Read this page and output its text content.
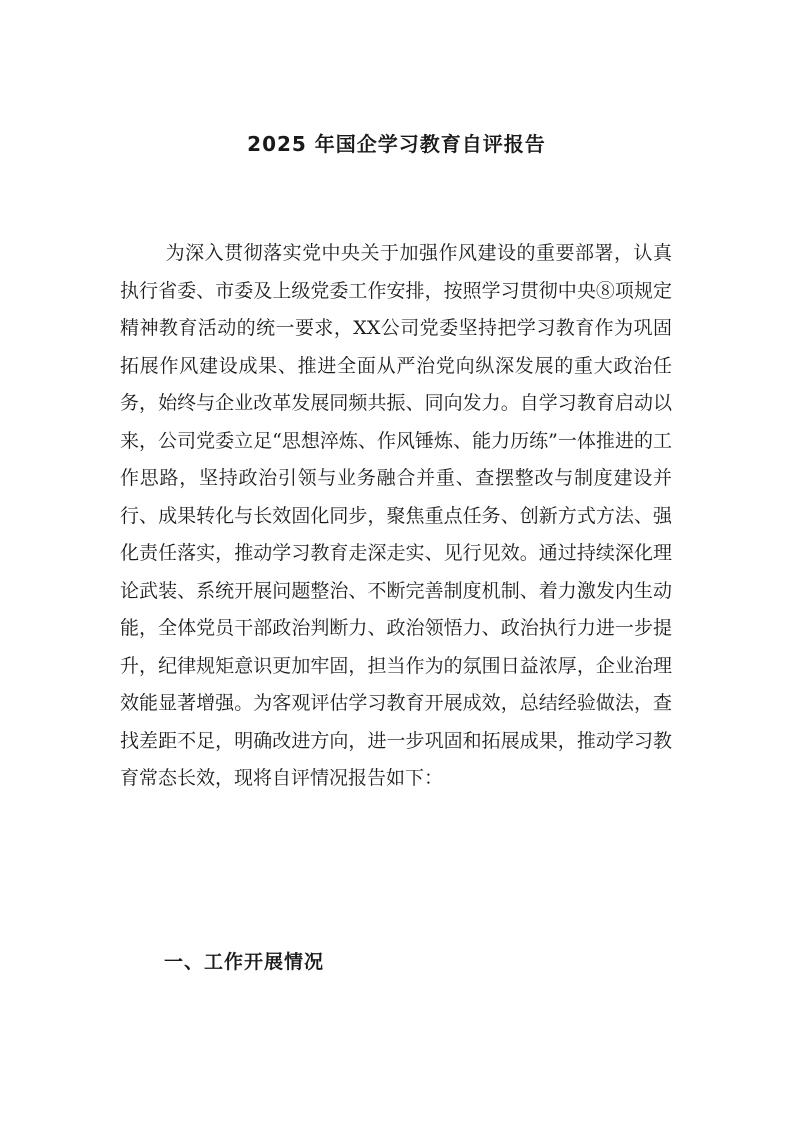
2025 年国企学习教育自评报告

为深入贯彻落实党中央关于加强作风建设的重要部署，认真执行省委、市委及上级党委工作安排，按照学习贯彻中央⑧项规定精神教育活动的统一要求，XX公司党委坚持把学习教育作为巩固拓展作风建设成果、推进全面从严治党向纵深发展的重大政治任务，始终与企业改革发展同频共振、同向发力。自学习教育启动以来，公司党委立足“思想淬炼、作风锤炼、能力历练”一体推进的工作思路，坚持政治引领与业务融合并重、查摆整改与制度建设并行、成果转化与长效固化同步，聚焦重点任务、创新方式方法、强化责任落实，推动学习教育走深走实、见行见效。通过持续深化理论武装、系统开展问题整治、不断完善制度机制、着力激发内生动能，全体党员干部政治判断力、政治领悟力、政治执行力进一步提升，纪律规矩意识更加牢固，担当作为的氛围日益浓厚，企业治理效能显著增强。为客观评估学习教育开展成效，总结经验做法，查找差距不足，明确改进方向，进一步巩固和拓展成果，推动学习教育常态长效，现将自评情况报告如下：

一、工作开展情况
